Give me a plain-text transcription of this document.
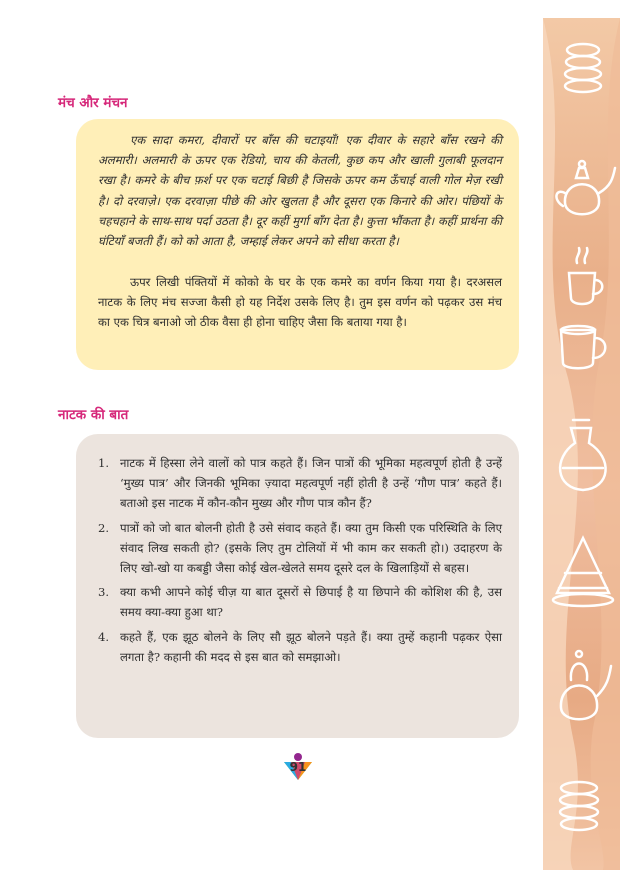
मंच और मंचन

एक सादा कमरा, दीवारों पर बाँस की चटाइयाँ! एक दीवार के सहारे बाँस रखने की अलमारी। अलमारी के ऊपर एक रेडियो, चाय की केतली, कुछ कप और खाली गुलाबी फूलदान रखा है। कमरे के बीच फ़र्श पर एक चटाई बिछी है जिसके ऊपर कम ऊँचाई वाली गोल मेज़ रखी है। दो दरवाज़े। एक दरवाज़ा पीछे की ओर खुलता है और दूसरा एक किनारे की ओर। पंछियों के चहचहाने के साथ-साथ पर्दा उठता है। दूर कहीं मुर्गा बाँग देता है। कुत्ता भौंकता है। कहीं प्रार्थना की घंटियाँ बजती हैं। को को आता है, जम्हाई लेकर अपने को सीधा करता है।

ऊपर लिखी पंक्तियों में कोको के घर के एक कमरे का वर्णन किया गया है। दरअसल नाटक के लिए मंच सज्जा कैसी हो यह निर्देश उसके लिए है। तुम इस वर्णन को पढ़कर उस मंच का एक चित्र बनाओ जो ठीक वैसा ही होना चाहिए जैसा कि बताया गया है।

नाटक की बात
1. नाटक में हिस्सा लेने वालों को पात्र कहते हैं। जिन पात्रों की भूमिका महत्वपूर्ण होती है उन्हें ‘मुख्य पात्र’ और जिनकी भूमिका ज़्यादा महत्वपूर्ण नहीं होती है उन्हें ‘गौण पात्र’ कहते हैं। बताओ इस नाटक में कौन-कौन मुख्य और गौण पात्र कौन हैं?
2. पात्रों को जो बात बोलनी होती है उसे संवाद कहते हैं। क्या तुम किसी एक परिस्थिति के लिए संवाद लिख सकती हो? (इसके लिए तुम टोलियों में भी काम कर सकती हो।) उदाहरण के लिए खो-खो या कबड्डी जैसा कोई खेल-खेलते समय दूसरे दल के खिलाड़ियों से बहस।
3. क्या कभी आपने कोई चीज़ या बात दूसरों से छिपाई है या छिपाने की कोशिश की है, उस समय क्या-क्या हुआ था?
4. कहते हैं, एक झूठ बोलने के लिए सौ झूठ बोलने पड़ते हैं। क्या तुम्हें कहानी पढ़कर ऐसा लगता है? कहानी की मदद से इस बात को समझाओ।
91
